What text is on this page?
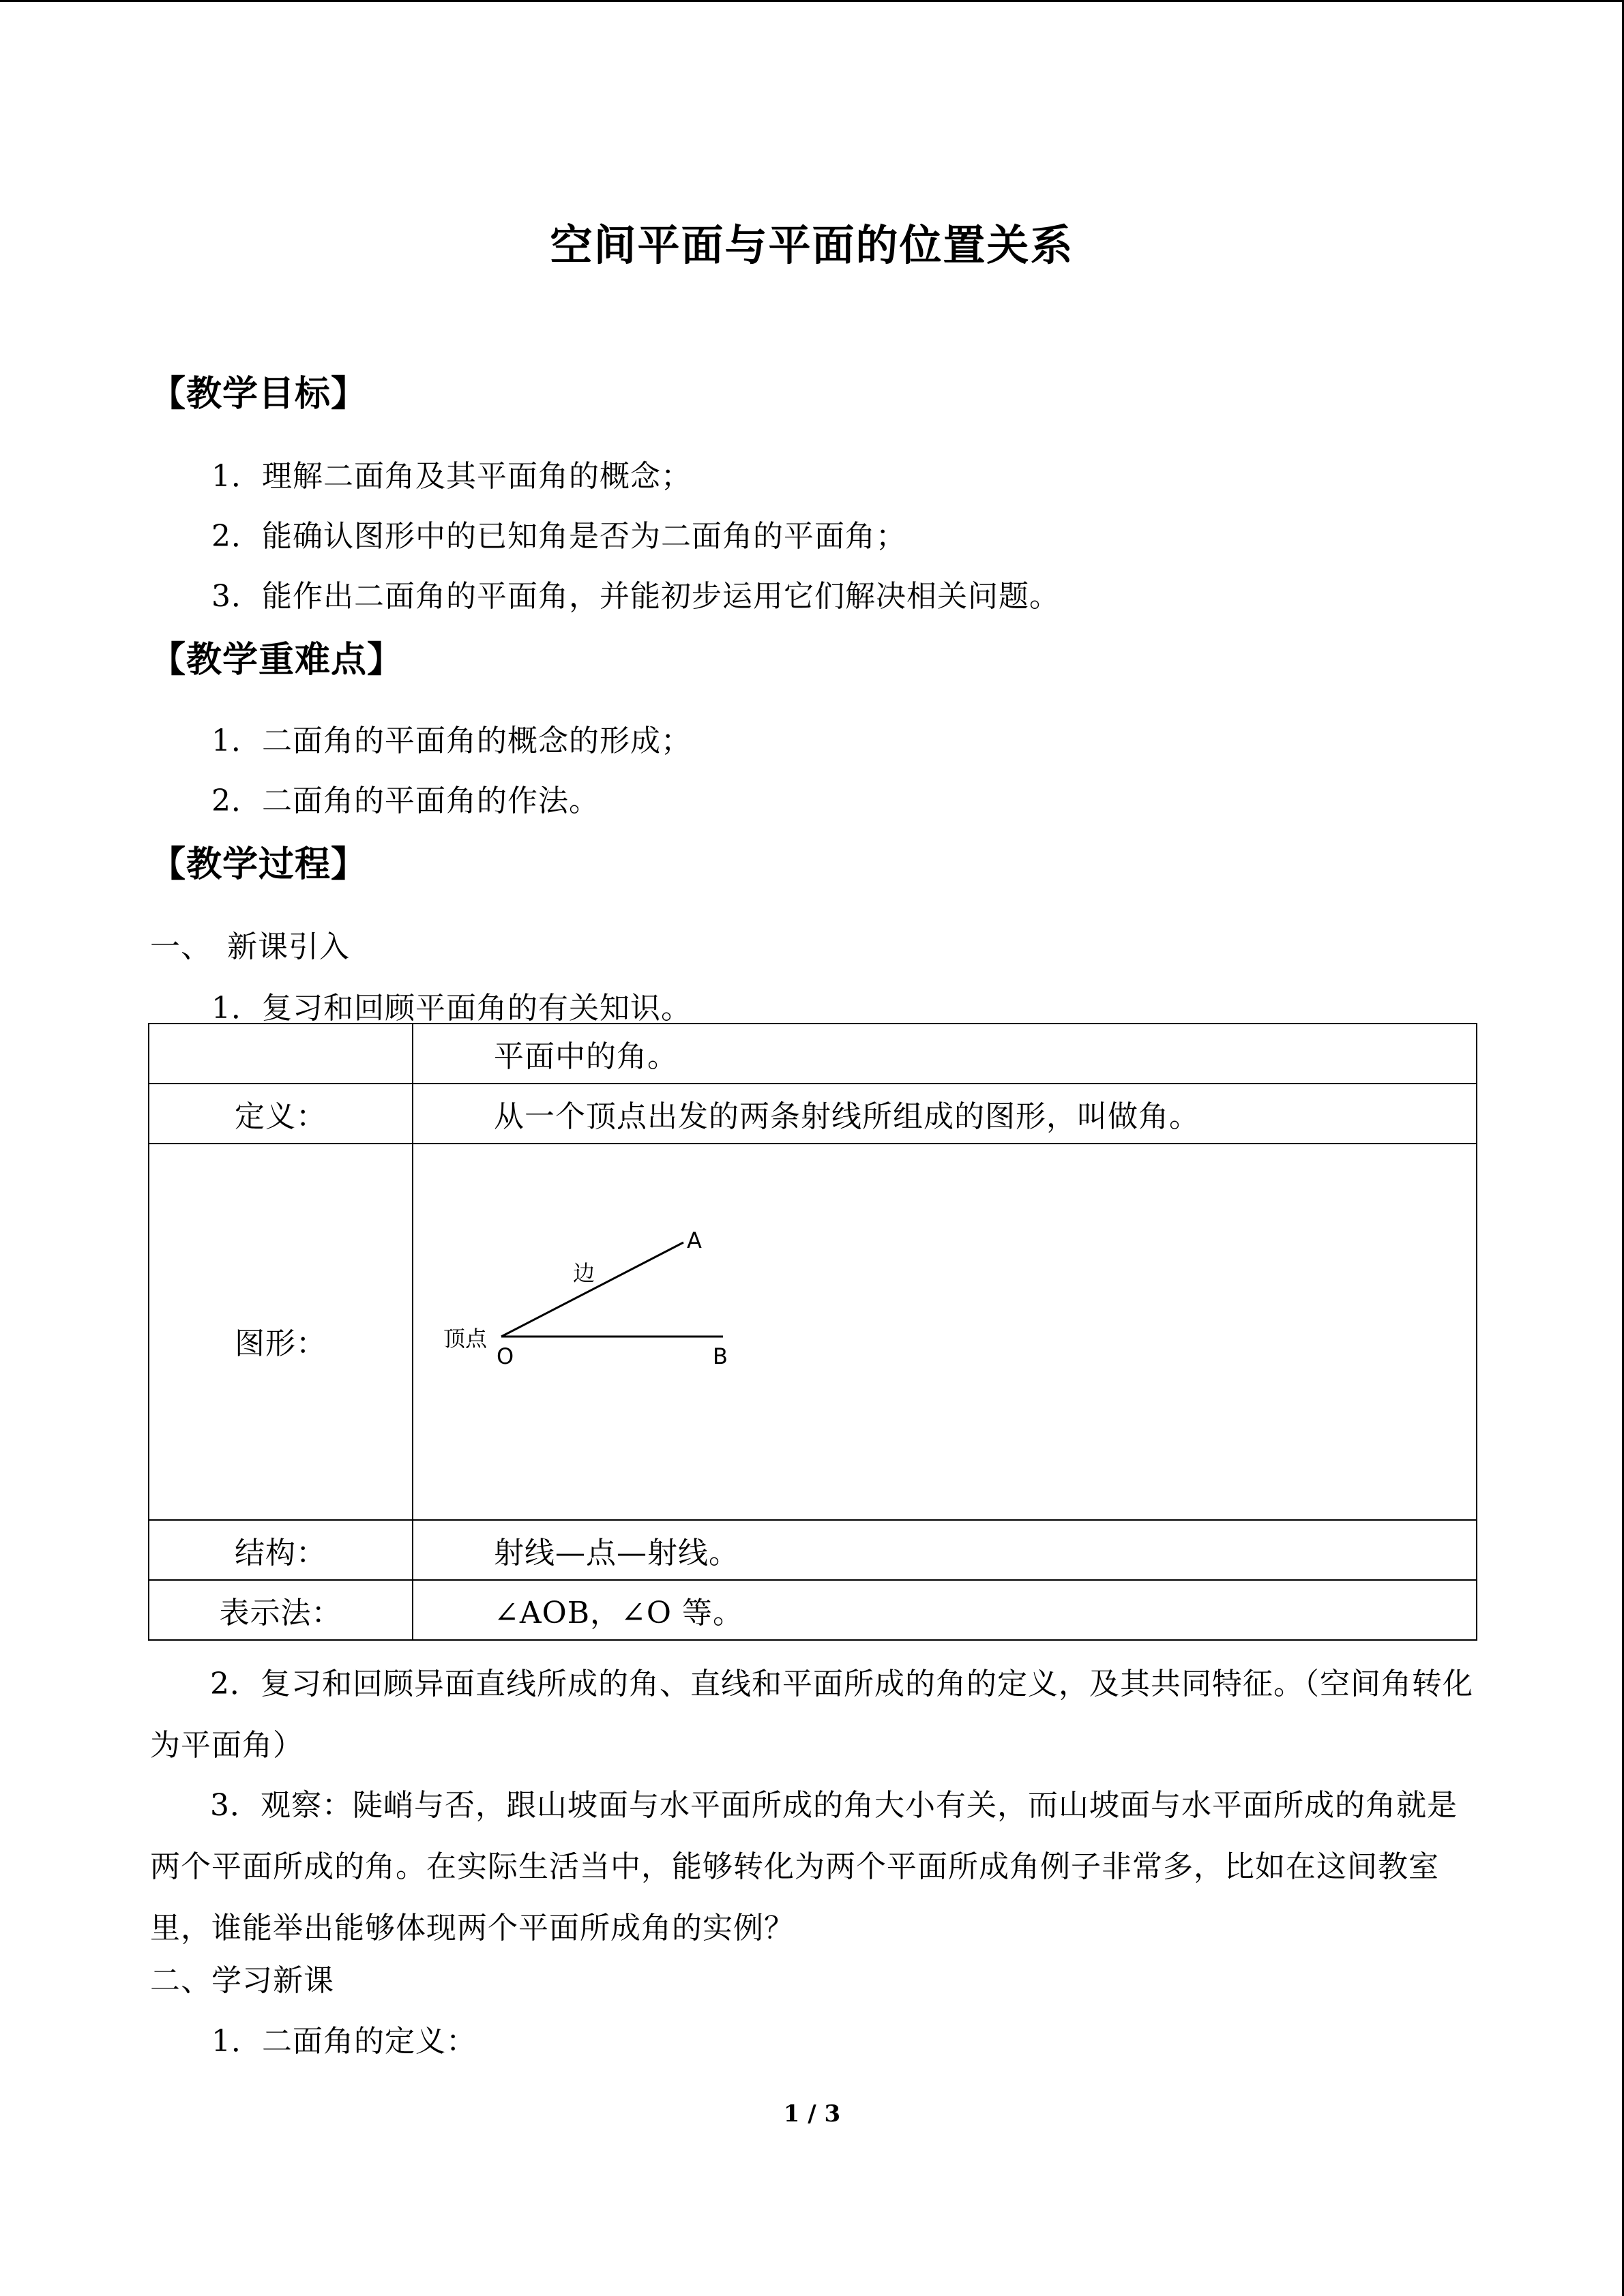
空间平面与平面的位置关系
【教学目标】
1．理解二面角及其平面角的概念；
2．能确认图形中的已知角是否为二面角的平面角；
3．能作出二面角的平面角，并能初步运用它们解决相关问题。
【教学重难点】
1．二面角的平面角的概念的形成；
2．二面角的平面角的作法。
【教学过程】
一、　新课引入
1．复习和回顾平面角的有关知识。
	平面中的角。
定义：	从一个顶点出发的两条射线所组成的图形，叫做角。

图形：	

结构：	射线—点—射线。
表示法：	∠AOB，∠O 等。
顶点
边
O
A
B
2．复习和回顾异面直线所成的角、直线和平面所成的角的定义，及其共同特征。（空间角转化为平面角）
3．观察：陡峭与否，跟山坡面与水平面所成的角大小有关，而山坡面与水平面所成的角就是两个平面所成的角。在实际生活当中，能够转化为两个平面所成角例子非常多，比如在这间教室里，谁能举出能够体现两个平面所成角的实例？
二、学习新课
1．二面角的定义：
1 / 3
